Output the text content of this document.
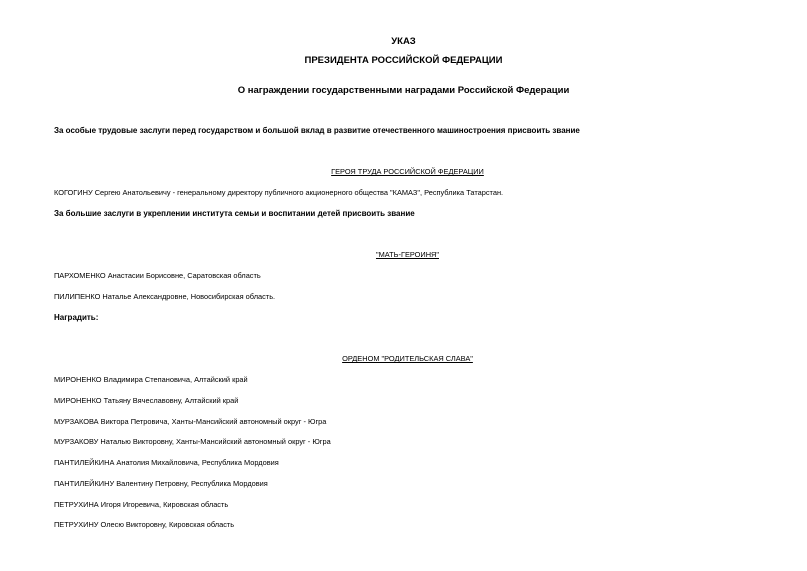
УКАЗ
ПРЕЗИДЕНТА РОССИЙСКОЙ ФЕДЕРАЦИИ
О награждении государственными наградами Российской Федерации
За особые трудовые заслуги перед государством и большой вклад в развитие отечественного машиностроения присвоить звание
ГЕРОЯ ТРУДА РОССИЙСКОЙ ФЕДЕРАЦИИ
КОГОГИНУ Сергею Анатольевичу - генеральному директору публичного акционерного общества "КАМАЗ", Республика Татарстан.
За большие заслуги в укреплении института семьи и воспитании детей присвоить звание
"МАТЬ-ГЕРОИНЯ"
ПАРХОМЕНКО Анастасии Борисовне, Саратовская область
ПИЛИПЕНКО Наталье Александровне, Новосибирская область.
Наградить:
ОРДЕНОМ "РОДИТЕЛЬСКАЯ СЛАВА"
МИРОНЕНКО Владимира Степановича, Алтайский край
МИРОНЕНКО Татьяну Вячеславовну, Алтайский край
МУРЗАКОВА Виктора Петровича, Ханты-Мансийский автономный округ - Югра
МУРЗАКОВУ Наталью Викторовну, Ханты-Мансийский автономный округ - Югра
ПАНТИЛЕЙКИНА Анатолия Михайловича, Республика Мордовия
ПАНТИЛЕЙКИНУ Валентину Петровну, Республика Мордовия
ПЕТРУХИНА Игоря Игоревича, Кировская область
ПЕТРУХИНУ Олесю Викторовну, Кировская область
